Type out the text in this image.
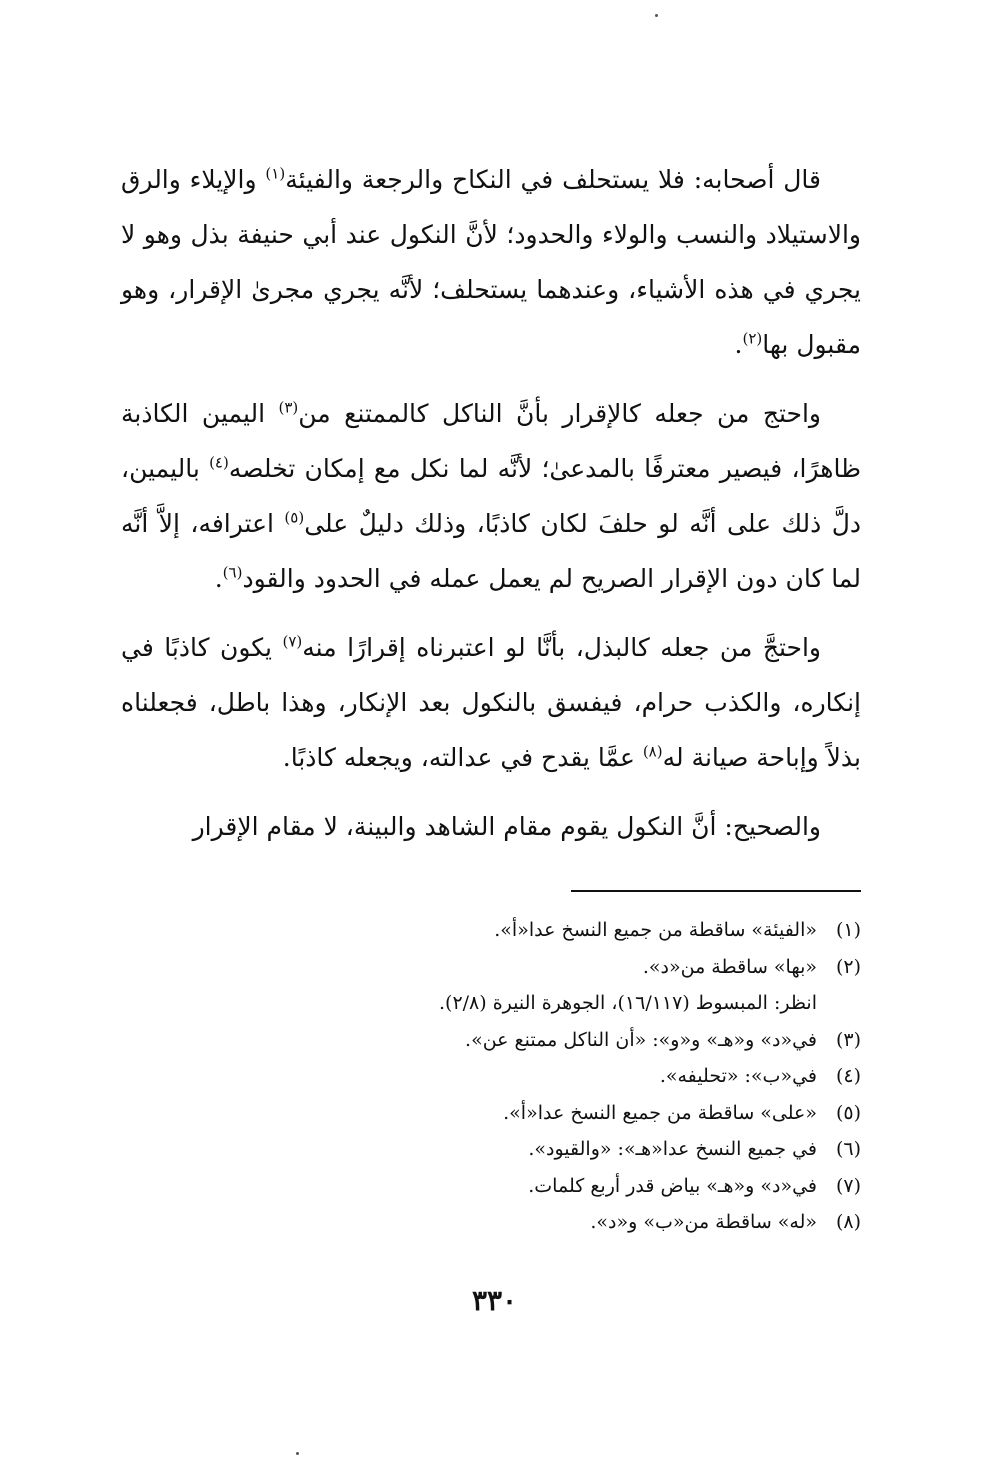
قال أصحابه: فلا يستحلف في النكاح والرجعة والفيئة$^{(١)}$ والإيلاء والرق والاستيلاد والنسب والولاء والحدود؛ لأنَّ النكول عند أبي حنيفة بذل وهو لا يجري في هذه الأشياء، وعندهما يستحلف؛ لأنَّه يجري مجرىٰ الإقرار، وهو مقبول بها$^{(٢)}$.

واحتج من جعله كالإقرار بأنَّ الناكل كالممتنع من$^{(٣)}$ اليمين الكاذبة ظاهرًا، فيصير معترفًا بالمدعىٰ؛ لأنَّه لما نكل مع إمكان تخلصه$^{(٤)}$ باليمين، دلَّ ذلك على أنَّه لو حلفَ لكان كاذبًا، وذلك دليلٌ على$^{(٥)}$ اعترافه، إلاَّ أنَّه لما كان دون الإقرار الصريح لم يعمل عمله في الحدود والقود$^{(٦)}$.

واحتجَّ من جعله كالبذل، بأنَّا لو اعتبرناه إقرارًا منه$^{(٧)}$ يكون كاذبًا في إنكاره، والكذب حرام، فيفسق بالنكول بعد الإنكار، وهذا باطل، فجعلناه بذلاً وإباحة صيانة له$^{(٨)}$ عمَّا يقدح في عدالته، ويجعله كاذبًا.

والصحيح: أنَّ النكول يقوم مقام الشاهد والبينة، لا مقام الإقرار

(١)
«الفيئة» ساقطة من جميع النسخ عدا«أ».
(٢)
«بها» ساقطة من«د».
انظر: المبسوط (١٦/١١٧)، الجوهرة النيرة (٢/٨).
(٣)
في«د» و«هـ» و«و»: «أن الناكل ممتنع عن».
(٤)
في«ب»: «تحليفه».
(٥)
«على» ساقطة من جميع النسخ عدا«أ».
(٦)
في جميع النسخ عدا«هـ»: «والقيود».
(٧)
في«د» و«هـ» بياض قدر أربع كلمات.
(٨)
«له» ساقطة من«ب» و«د».
٣٣٠
